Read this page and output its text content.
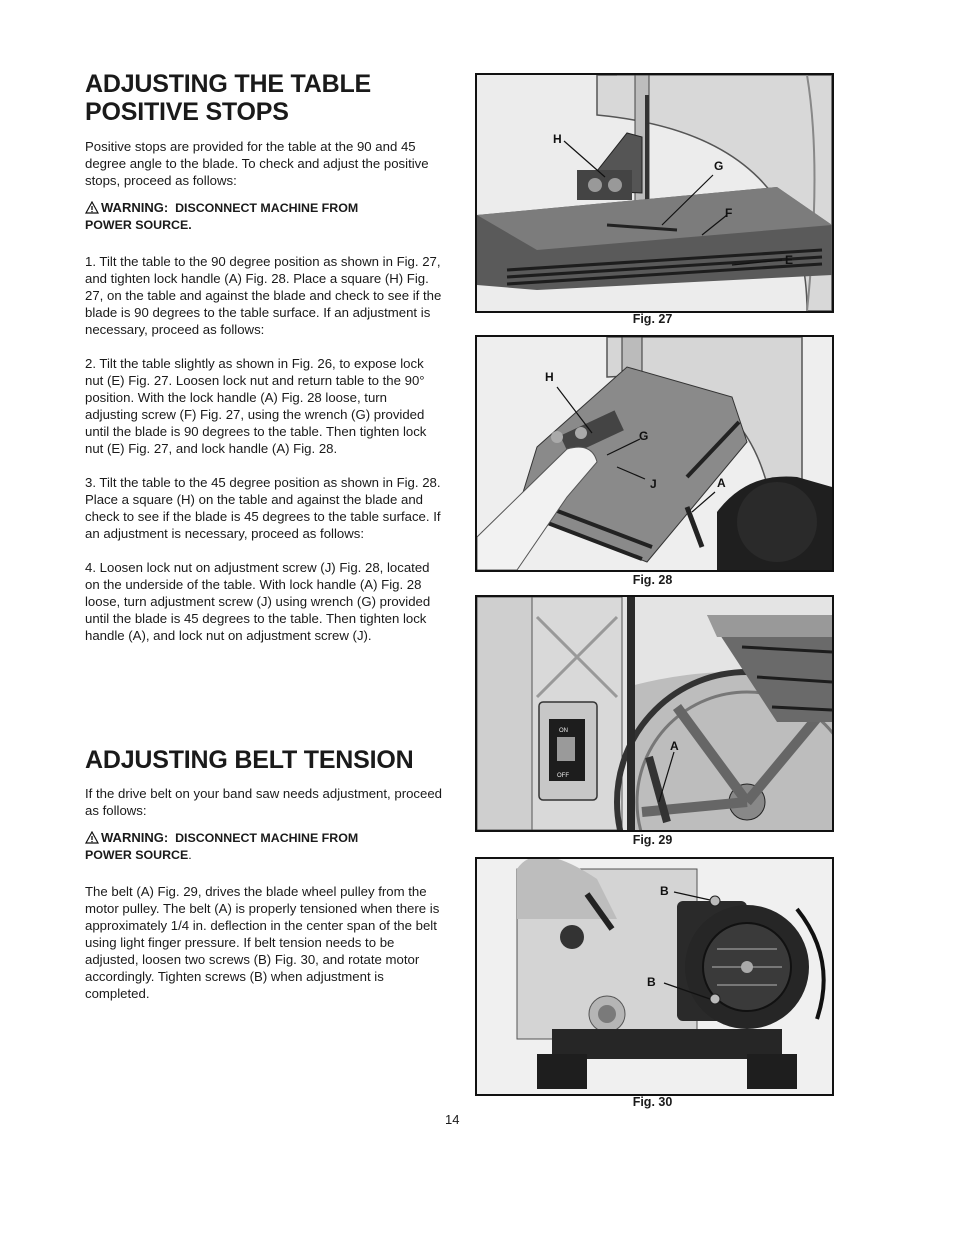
ADJUSTING THE TABLE
POSITIVE STOPS

Positive stops are provided for the table at the 90 and 45 degree angle to the blade. To check and adjust the positive stops, proceed as follows:

WARNING: DISCONNECT MACHINE FROM
POWER SOURCE.

1. Tilt the table to the 90 degree position as shown in Fig. 27, and tighten lock handle (A) Fig. 28. Place a square (H) Fig. 27, on the table and against the blade and check to see if the blade is 90 degrees to the table surface. If an adjustment is necessary, proceed as follows:

2. Tilt the table slightly as shown in Fig. 26, to expose lock nut (E) Fig. 27. Loosen lock nut and return table to the 90° position. With the lock handle (A) Fig. 28 loose, turn adjusting screw (F) Fig. 27, using the wrench (G) provided until the blade is 90 degrees to the table. Then tighten lock nut (E) Fig. 27, and lock handle (A) Fig. 28.

3. Tilt the table to the 45 degree position as shown in Fig. 28. Place a square (H) on the table and against the blade and check to see if the blade is 45 degrees to the table surface. If an adjustment is necessary, proceed as follows:

4. Loosen lock nut on adjustment screw (J) Fig. 28, located on the underside of the table. With lock handle (A) Fig. 28 loose, turn adjustment screw (J) using wrench (G) provided until the blade is 45 degrees to the table. Then tighten lock handle (A), and lock nut on adjustment screw (J).

ADJUSTING BELT TENSION

If the drive belt on your band saw needs adjustment, proceed as follows:

WARNING: DISCONNECT MACHINE FROM
POWER SOURCE.

The belt (A) Fig. 29, drives the blade wheel pulley from the motor pulley. The belt (A) is properly tensioned when there is approximately 1/4 in. deflection in the center span of the belt using light finger pressure. If belt tension needs to be adjusted, loosen two screws (B) Fig. 30, and rotate motor accordingly. Tighten screws (B) when adjustment is completed.

H
G
F
E
Fig. 27
H
G
J	A
Fig. 28
ON
OFF
A
Fig. 29
B
B
Fig. 30
14
